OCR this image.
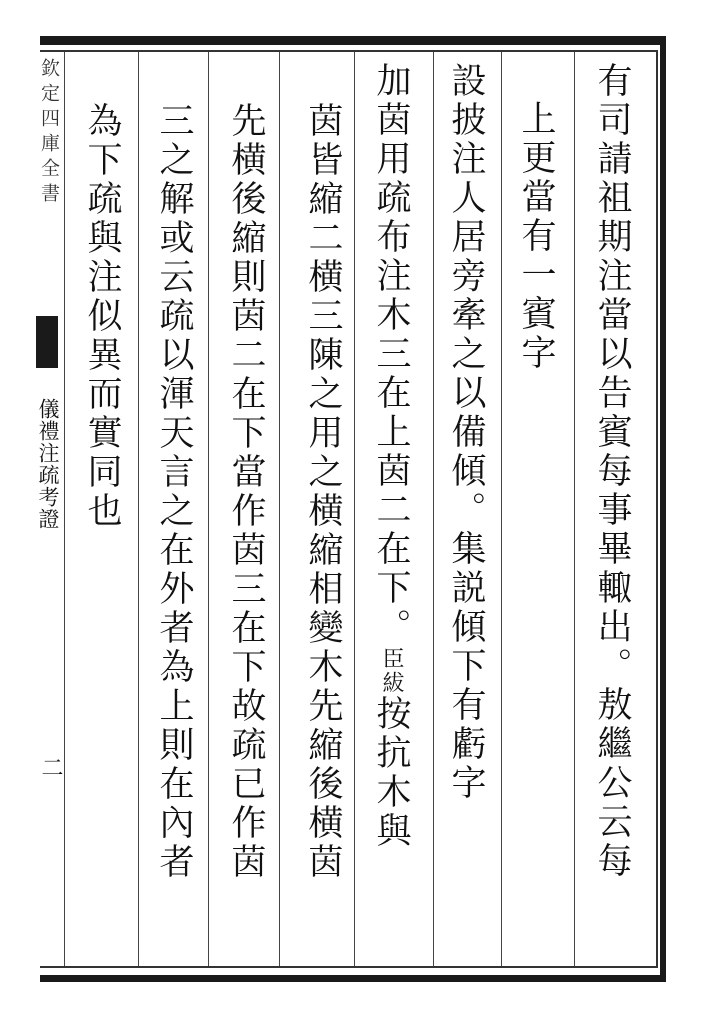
欽定四庫全書
儀禮注疏考證
二	有司請祖期注當以告賓每事畢輙出。敖繼公云每
上更當有一賓字
設披注人居旁牽之以備傾。集説傾下有虧字
加茵用疏布注木三在上茵二在下。臣紱按抗木與
茵皆縮二横三陳之用之横縮相變木先縮後横茵
先横後縮則茵二在下當作茵三在下故疏已作茵
三之解或云疏以渾天言之在外者為上則在內者
為下疏與注似異而實同也
